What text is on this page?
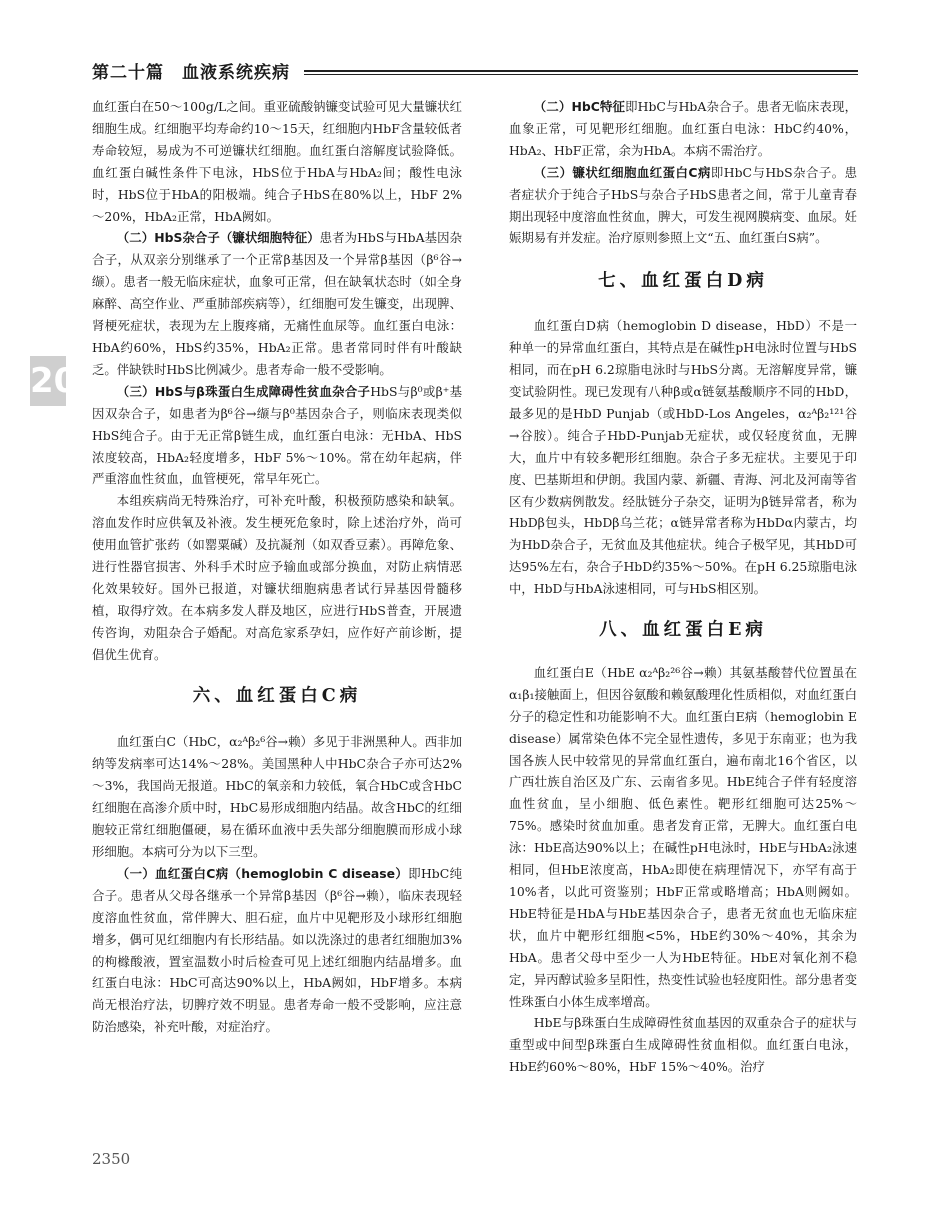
第二十篇　血液系统疾病
20

血红蛋白在50～100g/L之间。重亚硫酸钠镰变试验可见大量镰状红细胞生成。红细胞平均寿命约10～15天，红细胞内HbF含量较低者寿命较短，易成为不可逆镰状红细胞。血红蛋白溶解度试验降低。血红蛋白碱性条件下电泳，HbS位于HbA与HbA₂间；酸性电泳时，HbS位于HbA的阳极端。纯合子HbS在80%以上，HbF 2%～20%，HbA₂正常，HbA阙如。

（二）HbS杂合子（镰状细胞特征）患者为HbS与HbA基因杂合子，从双亲分别继承了一个正常β基因及一个异常β基因（β⁶谷→缬）。患者一般无临床症状，血象可正常，但在缺氧状态时（如全身麻醉、高空作业、严重肺部疾病等），红细胞可发生镰变，出现脾、肾梗死症状，表现为左上腹疼痛，无痛性血尿等。血红蛋白电泳：HbA约60%，HbS约35%，HbA₂正常。患者常同时伴有叶酸缺乏。伴缺铁时HbS比例减少。患者寿命一般不受影响。

（三）HbS与β珠蛋白生成障碍性贫血杂合子HbS与β⁰或β⁺基因双杂合子，如患者为β⁶谷→缬与β⁰基因杂合子，则临床表现类似HbS纯合子。由于无正常β链生成，血红蛋白电泳：无HbA、HbS浓度较高，HbA₂轻度增多，HbF 5%～10%。常在幼年起病，伴严重溶血性贫血，血管梗死，常早年死亡。

本组疾病尚无特殊治疗，可补充叶酸，积极预防感染和缺氧。溶血发作时应供氧及补液。发生梗死危象时，除上述治疗外，尚可使用血管扩张药（如罂粟碱）及抗凝剂（如双香豆素）。再障危象、进行性器官损害、外科手术时应予输血或部分换血，对防止病情恶化效果较好。国外已报道，对镰状细胞病患者试行异基因骨髓移植，取得疗效。在本病多发人群及地区，应进行HbS普查，开展遗传咨询，劝阻杂合子婚配。对高危家系孕妇，应作好产前诊断，提倡优生优育。

六、血红蛋白C病

血红蛋白C（HbC，α₂ᴬβ₂⁶谷→赖）多见于非洲黑种人。西非加纳等发病率可达14%～28%。美国黑种人中HbC杂合子亦可达2%～3%，我国尚无报道。HbC的氧亲和力较低，氧合HbC或含HbC红细胞在高渗介质中时，HbC易形成细胞内结晶。故含HbC的红细胞较正常红细胞僵硬，易在循环血液中丢失部分细胞膜而形成小球形细胞。本病可分为以下三型。

（一）血红蛋白C病（hemoglobin C disease）即HbC纯合子。患者从父母各继承一个异常β基因（β⁶谷→赖），临床表现轻度溶血性贫血，常伴脾大、胆石症，血片中见靶形及小球形红细胞增多，偶可见红细胞内有长形结晶。如以洗涤过的患者红细胞加3%的枸橼酸液，置室温数小时后检查可见上述红细胞内结晶增多。血红蛋白电泳：HbC可高达90%以上，HbA阙如，HbF增多。本病尚无根治疗法，切脾疗效不明显。患者寿命一般不受影响，应注意防治感染，补充叶酸，对症治疗。

（二）HbC特征即HbC与HbA杂合子。患者无临床表现，血象正常，可见靶形红细胞。血红蛋白电泳：HbC约40%，HbA₂、HbF正常，余为HbA。本病不需治疗。

（三）镰状红细胞血红蛋白C病即HbC与HbS杂合子。患者症状介于纯合子HbS与杂合子HbS患者之间，常于儿童青春期出现轻中度溶血性贫血，脾大，可发生视网膜病变、血尿。妊娠期易有并发症。治疗原则参照上文“五、血红蛋白S病”。

七、血红蛋白D病

血红蛋白D病（hemoglobin D disease，HbD）不是一种单一的异常血红蛋白，其特点是在碱性pH电泳时位置与HbS相同，而在pH 6.2琼脂电泳时与HbS分离。无溶解度异常，镰变试验阴性。现已发现有八种β或α链氨基酸顺序不同的HbD，最多见的是HbD Punjab（或HbD-Los Angeles，α₂ᴬβ₂¹²¹谷→谷胺）。纯合子HbD-Punjab无症状，或仅轻度贫血，无脾大，血片中有较多靶形红细胞。杂合子多无症状。主要见于印度、巴基斯坦和伊朗。我国内蒙、新疆、青海、河北及河南等省区有少数病例散发。经肽链分子杂交，证明为β链异常者，称为HbDβ包头，HbDβ乌兰花；α链异常者称为HbDα内蒙古，均为HbD杂合子，无贫血及其他症状。纯合子极罕见，其HbD可达95%左右，杂合子HbD约35%～50%。在pH 6.25琼脂电泳中，HbD与HbA泳速相同，可与HbS相区别。

八、血红蛋白E病

血红蛋白E（HbE α₂ᴬβ₂²⁶谷→赖）其氨基酸替代位置虽在α₁β₁接触面上，但因谷氨酸和赖氨酸理化性质相似，对血红蛋白分子的稳定性和功能影响不大。血红蛋白E病（hemoglobin E disease）属常染色体不完全显性遗传，多见于东南亚；也为我国各族人民中较常见的异常血红蛋白，遍布南北16个省区，以广西壮族自治区及广东、云南省多见。HbE纯合子伴有轻度溶血性贫血，呈小细胞、低色素性。靶形红细胞可达25%～75%。感染时贫血加重。患者发育正常，无脾大。血红蛋白电泳：HbE高达90%以上；在碱性pH电泳时，HbE与HbA₂泳速相同，但HbE浓度高，HbA₂即使在病理情况下，亦罕有高于10%者，以此可资鉴别；HbF正常或略增高；HbA则阙如。HbE特征是HbA与HbE基因杂合子，患者无贫血也无临床症状，血片中靶形红细胞<5%，HbE约30%～40%，其余为HbA。患者父母中至少一人为HbE特征。HbE对氧化剂不稳定，异丙醇试验多呈阳性，热变性试验也轻度阳性。部分患者变性珠蛋白小体生成率增高。

HbE与β珠蛋白生成障碍性贫血基因的双重杂合子的症状与重型或中间型β珠蛋白生成障碍性贫血相似。血红蛋白电泳，HbE约60%～80%，HbF 15%～40%。治疗

2350
